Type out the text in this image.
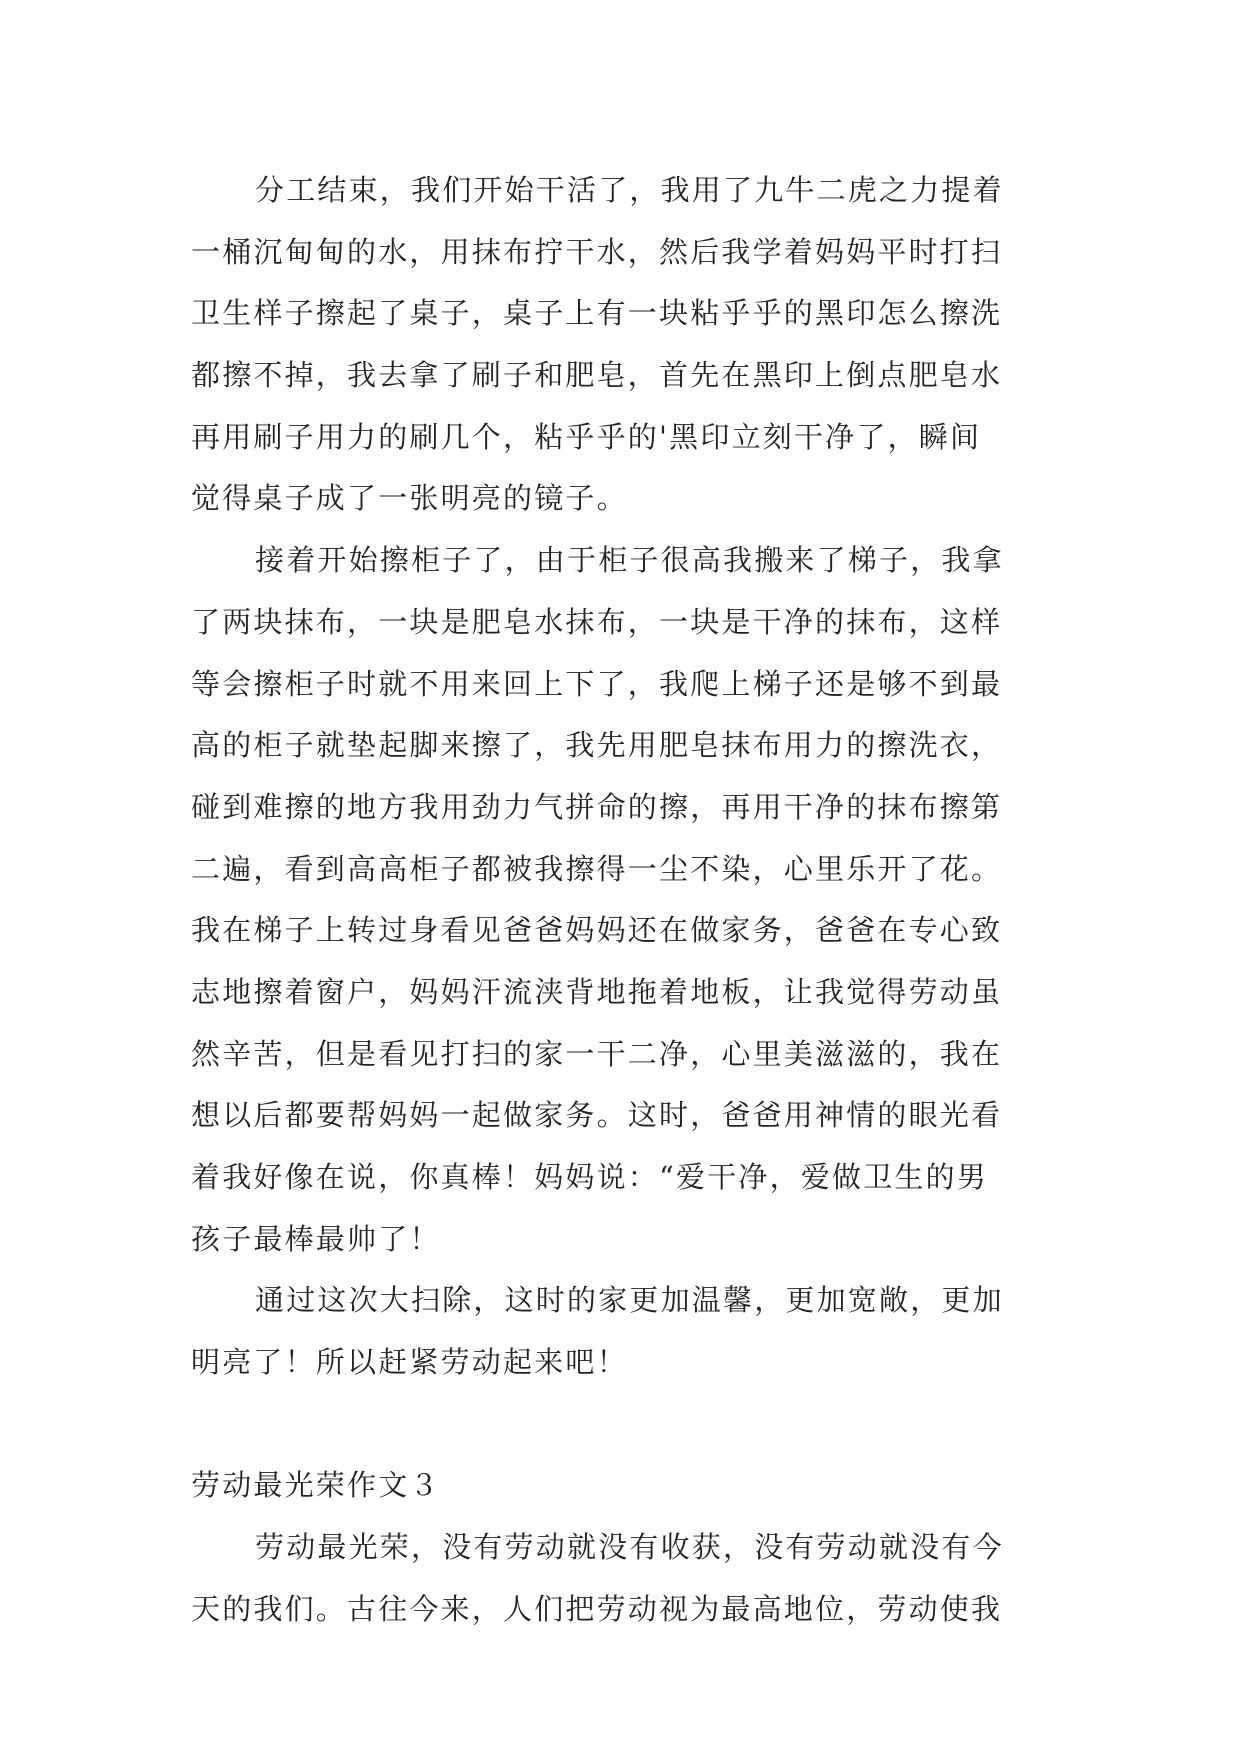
分工结束，我们开始干活了，我用了九牛二虎之力提着
一桶沉甸甸的水，用抹布拧干水，然后我学着妈妈平时打扫
卫生样子擦起了桌子，桌子上有一块粘乎乎的黑印怎么擦洗
都擦不掉，我去拿了刷子和肥皂，首先在黑印上倒点肥皂水
再用刷子用力的刷几个，粘乎乎的'黑印立刻干净了，瞬间
觉得桌子成了一张明亮的镜子。
接着开始擦柜子了，由于柜子很高我搬来了梯子，我拿
了两块抹布，一块是肥皂水抹布，一块是干净的抹布，这样
等会擦柜子时就不用来回上下了，我爬上梯子还是够不到最
高的柜子就垫起脚来擦了，我先用肥皂抹布用力的擦洗衣，
碰到难擦的地方我用劲力气拼命的擦，再用干净的抹布擦第
二遍，看到高高柜子都被我擦得一尘不染，心里乐开了花。
我在梯子上转过身看见爸爸妈妈还在做家务，爸爸在专心致
志地擦着窗户，妈妈汗流浃背地拖着地板，让我觉得劳动虽
然辛苦，但是看见打扫的家一干二净，心里美滋滋的，我在
想以后都要帮妈妈一起做家务。这时，爸爸用神情的眼光看
着我好像在说，你真棒！妈妈说：“爱干净，爱做卫生的男
孩子最棒最帅了！
通过这次大扫除，这时的家更加温馨，更加宽敞，更加
明亮了！所以赶紧劳动起来吧！
劳动最光荣作文３
劳动最光荣，没有劳动就没有收获，没有劳动就没有今
天的我们。古往今来，人们把劳动视为最高地位，劳动使我
